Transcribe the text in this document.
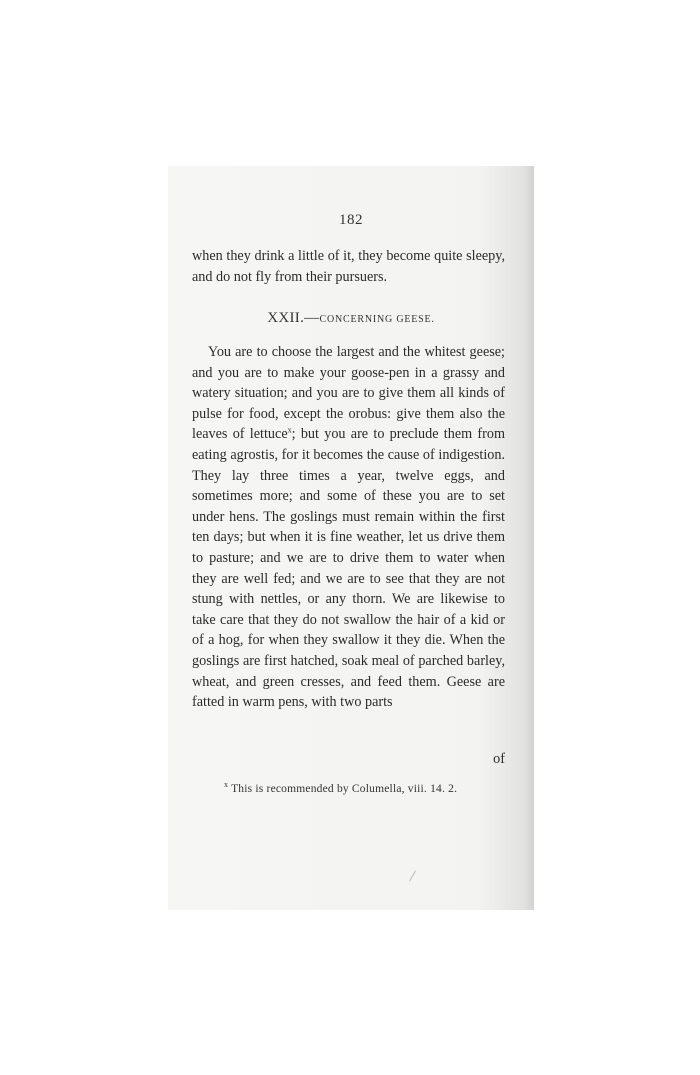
182
when they drink a little of it, they become quite sleepy, and do not fly from their pursuers.
XXII.—CONCERNING GEESE.
You are to choose the largest and the whitest geese; and you are to make your goose-pen in a grassy and watery situation; and you are to give them all kinds of pulse for food, except the orobus: give them also the leaves of lettuce$^x$; but you are to preclude them from eating agrostis, for it becomes the cause of indigestion. They lay three times a year, twelve eggs, and sometimes more; and some of these you are to set under hens. The goslings must remain within the first ten days; but when it is fine weather, let us drive them to pasture; and we are to drive them to water when they are well fed; and we are to see that they are not stung with nettles, or any thorn. We are likewise to take care that they do not swallow the hair of a kid or of a hog, for when they swallow it they die. When the goslings are first hatched, soak meal of parched barley, wheat, and green cresses, and feed them. Geese are fatted in warm pens, with two parts
of
$^x$ This is recommended by Columella, viii. 14. 2.
